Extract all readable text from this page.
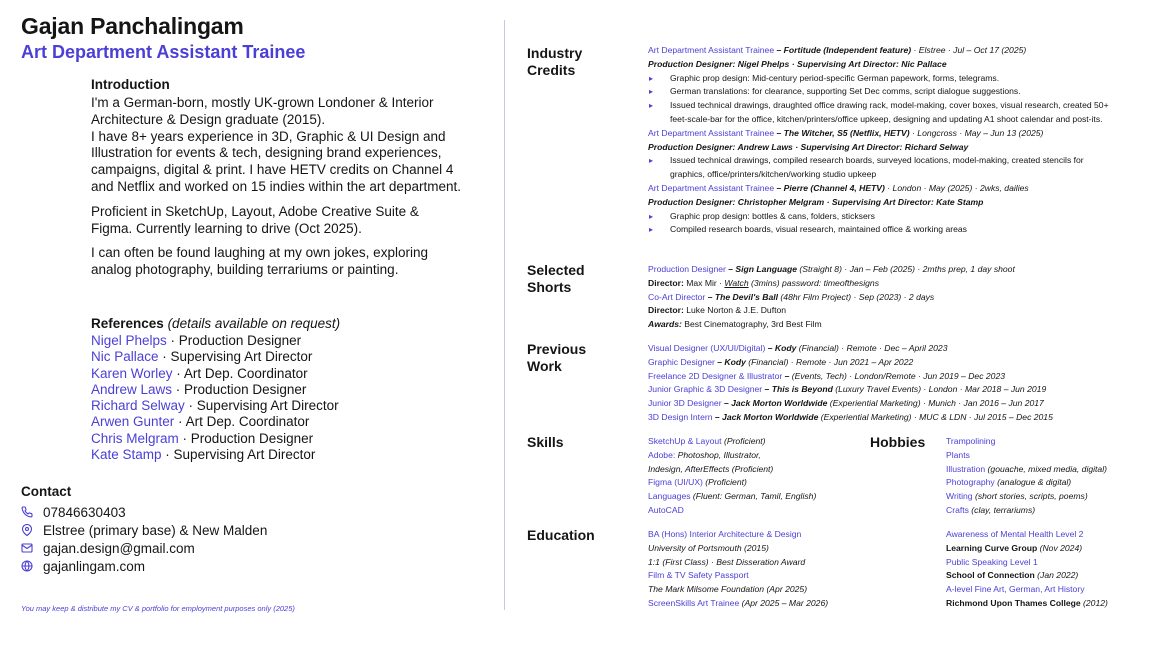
Gajan Panchalingam
Art Department Assistant Trainee
Introduction

I'm a German-born, mostly UK-grown Londoner & Interior Architecture & Design graduate (2015).

I have 8+ years experience in 3D, Graphic & UI Design and Illustration for events & tech, designing brand experiences, campaigns, digital & print. I have HETV credits on Channel 4 and Netflix and worked on 15 indies within the art department.

Proficient in SketchUp, Layout, Adobe Creative Suite & Figma. Currently learning to drive (Oct 2025).

I can often be found laughing at my own jokes, exploring analog photography, building terrariums or painting.

References (details available on request)
Nigel Phelps · Production Designer
Nic Pallace · Supervising Art Director
Karen Worley · Art Dep. Coordinator
Andrew Laws · Production Designer
Richard Selway · Supervising Art Director
Arwen Gunter · Art Dep. Coordinator
Chris Melgram · Production Designer
Kate Stamp · Supervising Art Director
Contact
07846630403
Elstree (primary base) & New Malden
gajan.design@gmail.com
gajanlingam.com
You may keep & distribute my CV & portfolio for employment purposes only (2025)
Industry Credits
Selected Shorts
Previous Work
Skills
Education
Hobbies
Art Department Assistant Trainee – Fortitude (Independent feature) · Elstree · Jul – Oct 17 (2025)
Production Designer: Nigel Phelps · Supervising Art Director: Nic Pallace
▸ Graphic prop design: Mid-century period-specific German papework, forms, telegrams.
▸ German translations: for clearance, supporting Set Dec comms, script dialogue suggestions.
▸ Issued technical drawings, draughted office drawing rack, model-making, cover boxes, visual research, created 50+ feet-scale-bar for the office, kitchen/printers/office upkeep, designing and updating A1 shoot calendar and post-its.
Art Department Assistant Trainee – The Witcher, S5 (Netflix, HETV) · Longcross · May – Jun 13 (2025)
Production Designer: Andrew Laws · Supervising Art Director: Richard Selway
▸ Issued technical drawings, compiled research boards, surveyed locations, model-making, created stencils for graphics, office/printers/kitchen/working studio upkeep
Art Department Assistant Trainee – Pierre (Channel 4, HETV) · London · May (2025) · 2wks, dailies
Production Designer: Christopher Melgram · Supervising Art Director: Kate Stamp
▸ Graphic prop design: bottles & cans, folders, sticksers
▸ Compiled research boards, visual research, maintained office & working areas
Production Designer – Sign Language (Straight 8) · Jan – Feb (2025) · 2mths prep, 1 day shoot
Director: Max Mir · Watch (3mins) password: timeofthesigns
Co-Art Director – The Devil's Ball (48hr Film Project) · Sep (2023) · 2 days
Director: Luke Norton & J.E. Dufton
Awards: Best Cinematography, 3rd Best Film
Visual Designer (UX/UI/Digital) – Kody (Financial) · Remote · Dec – April 2023
Graphic Designer – Kody (Financial) · Remote · Jun 2021 – Apr 2022
Freelance 2D Designer & Illustrator – (Events, Tech) · London/Remote · Jun 2019 – Dec 2023
Junior Graphic & 3D Designer – This is Beyond (Luxury Travel Events) · London · Mar 2018 – Jun 2019
Junior 3D Designer – Jack Morton Worldwide (Experiential Marketing) · Munich · Jan 2016 – Jun 2017
3D Design Intern – Jack Morton Worldwide (Experiential Marketing) · MUC & LDN · Jul 2015 – Dec 2015
SketchUp & Layout (Proficient)
Adobe: Photoshop, Illustrator,
Indesign, AfterEffects (Proficient)
Figma (UI/UX) (Proficient)
Languages (Fluent: German, Tamil, English)
AutoCAD
Trampolining
Plants
Illustration (gouache, mixed media, digital)
Photography (analogue & digital)
Writing (short stories, scripts, poems)
Crafts (clay, terrariums)
BA (Hons) Interior Architecture & Design
University of Portsmouth (2015)
1:1 (First Class) · Best Disseration Award
Film & TV Safety Passport
The Mark Milsome Foundation (Apr 2025)
ScreenSkills Art Trainee (Apr 2025 – Mar 2026)
Awareness of Mental Health Level 2
Learning Curve Group (Nov 2024)
Public Speaking Level 1
School of Connection (Jan 2022)
A-level Fine Art, German, Art History
Richmond Upon Thames College (2012)
